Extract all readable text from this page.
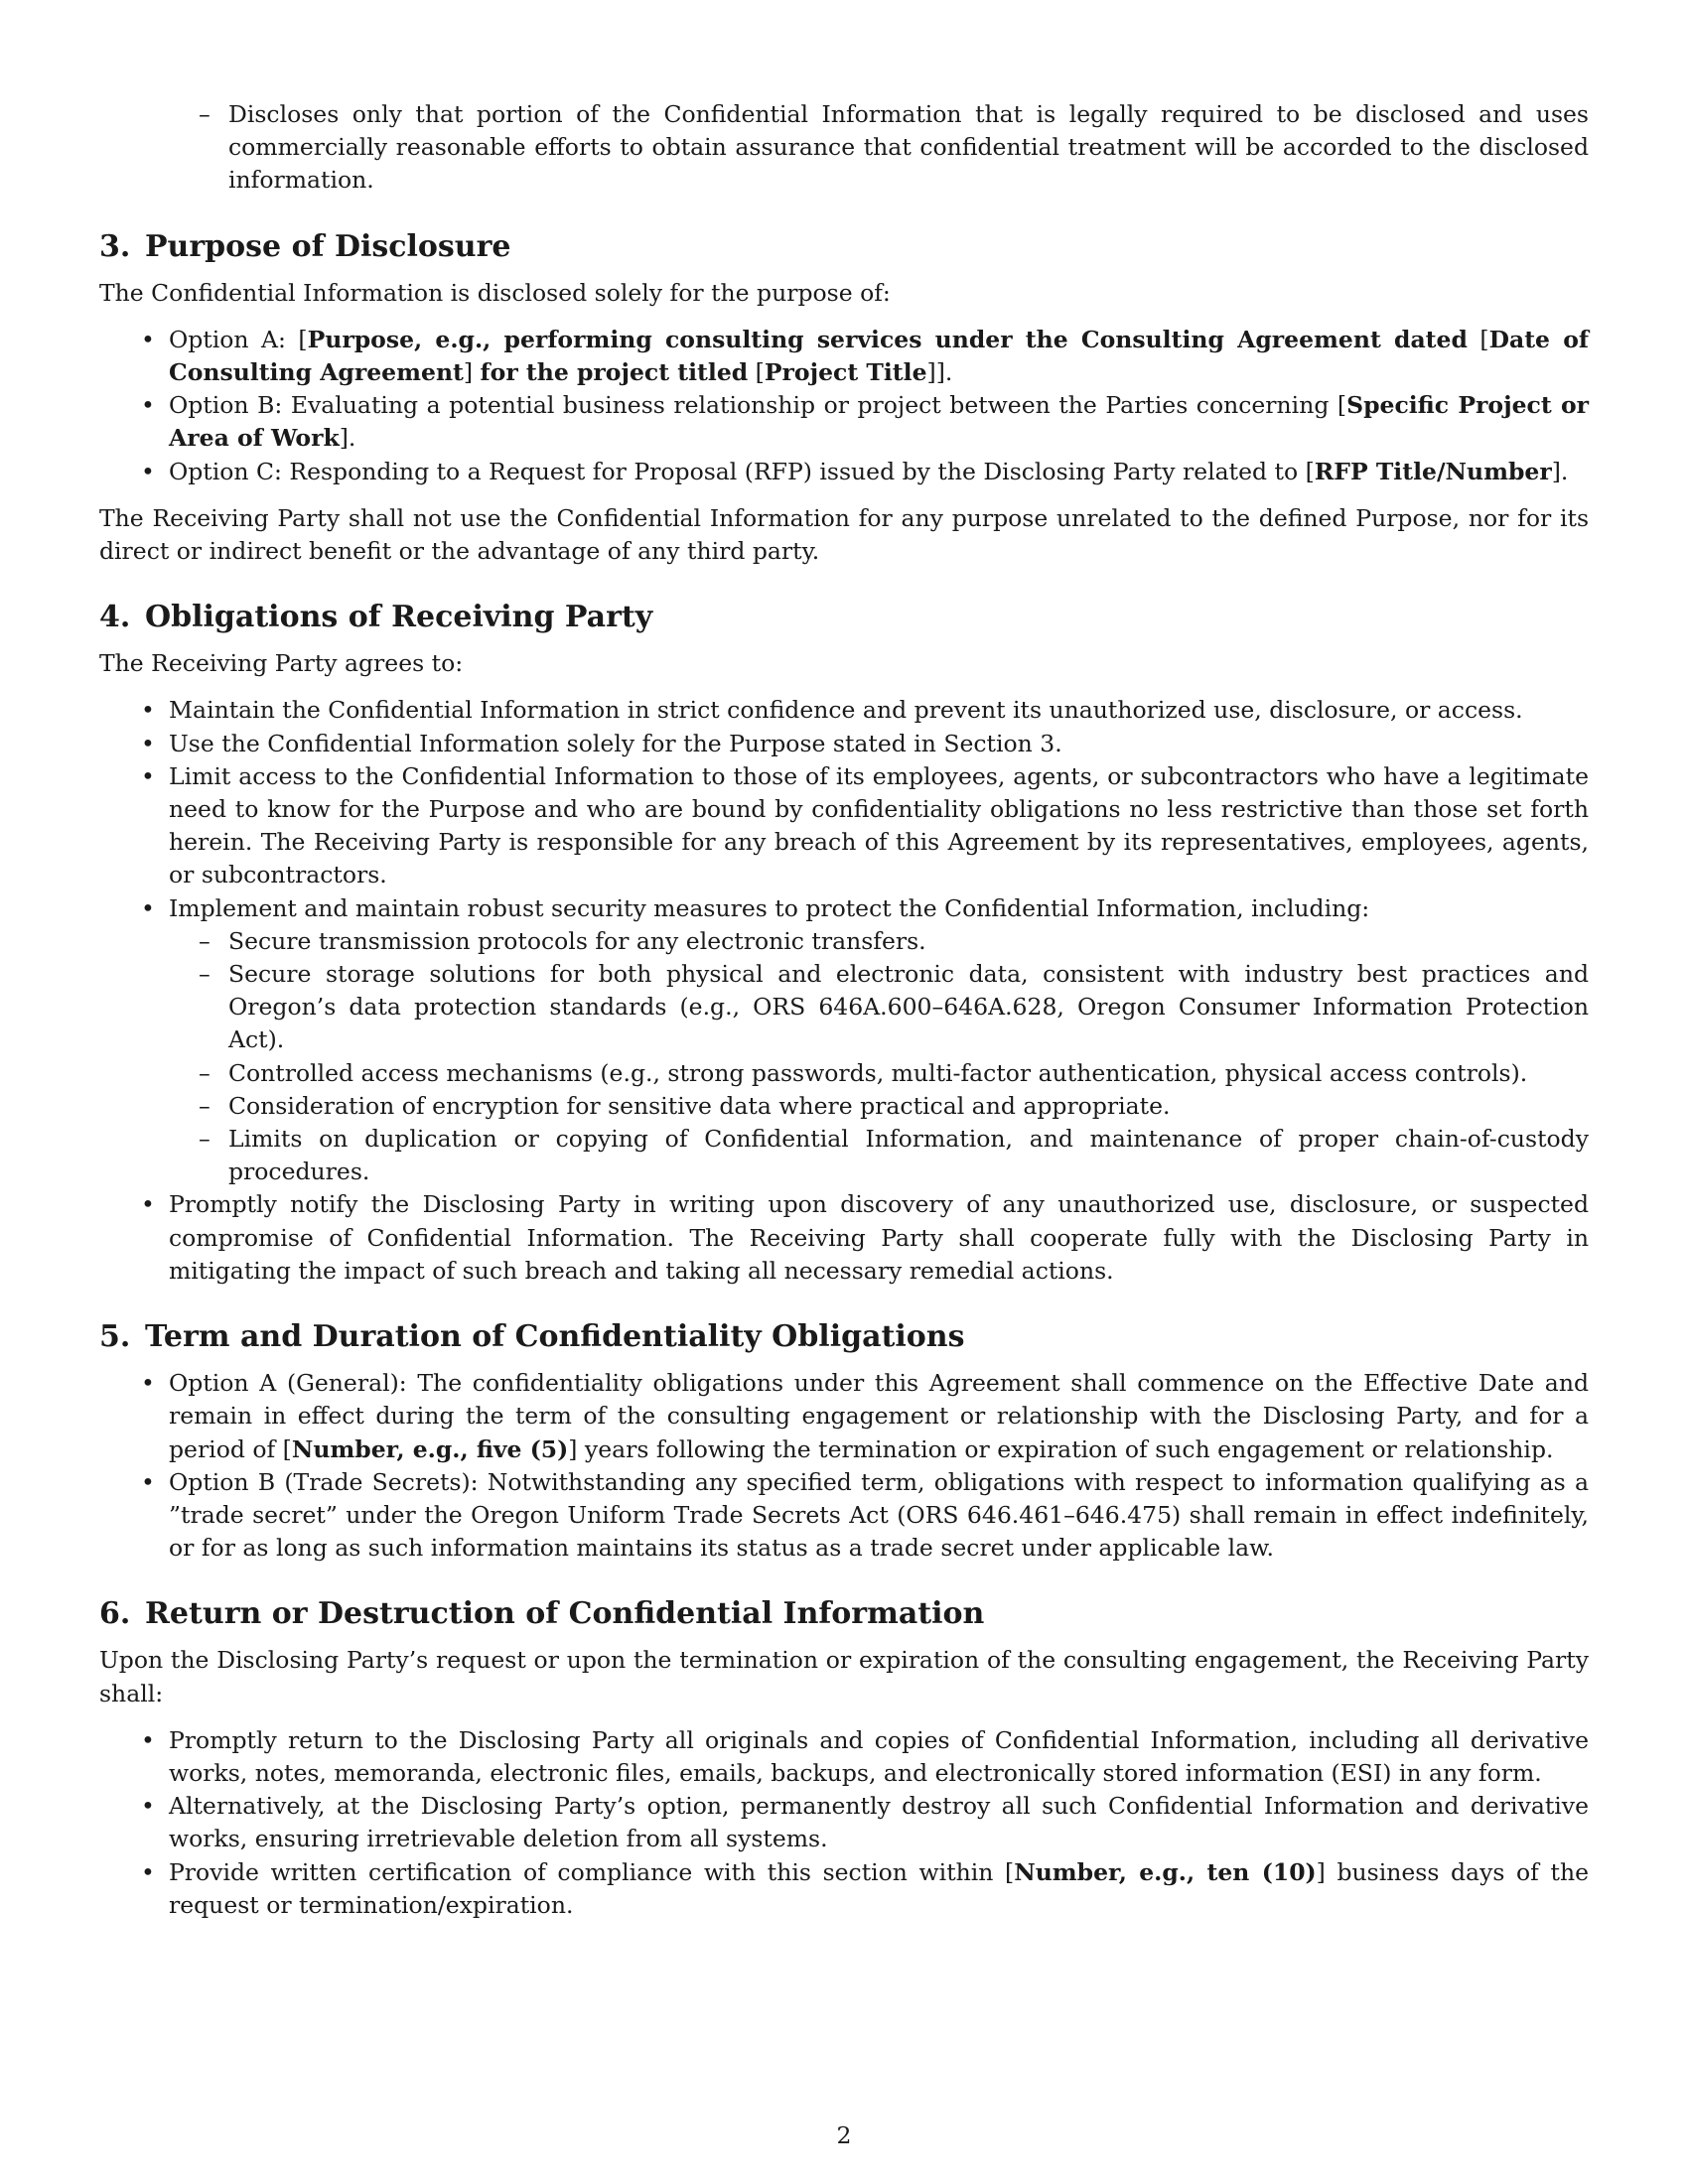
– Discloses only that portion of the Confidential Information that is legally required to be disclosed and uses commercially reasonable efforts to obtain assurance that confidential treatment will be accorded to the disclosed information.
3. Purpose of Disclosure

The Confidential Information is disclosed solely for the purpose of:

• Option A: [Purpose, e.g., performing consulting services under the Consulting Agreement dated [Date of Consulting Agreement] for the project titled [Project Title]].
• Option B: Evaluating a potential business relationship or project between the Parties concerning [Specific Project or Area of Work].
• Option C: Responding to a Request for Proposal (RFP) issued by the Disclosing Party related to [RFP Title/Number].

The Receiving Party shall not use the Confidential Information for any purpose unrelated to the defined Purpose, nor for its direct or indirect benefit or the advantage of any third party.

4. Obligations of Receiving Party

The Receiving Party agrees to:

• Maintain the Confidential Information in strict confidence and prevent its unauthorized use, disclosure, or access.
• Use the Confidential Information solely for the Purpose stated in Section 3.
• Limit access to the Confidential Information to those of its employees, agents, or subcontractors who have a legitimate need to know for the Purpose and who are bound by confidentiality obligations no less restrictive than those set forth herein. The Receiving Party is responsible for any breach of this Agreement by its representatives, employees, agents, or subcontractors.
• Implement and maintain robust security measures to protect the Confidential Information, including:
– Secure transmission protocols for any electronic transfers.
– Secure storage solutions for both physical and electronic data, consistent with industry best practices and Oregon’s data protection standards (e.g., ORS 646A.600–646A.628, Oregon Consumer Information Protection Act).
– Controlled access mechanisms (e.g., strong passwords, multi-factor authentication, physical access controls).
– Consideration of encryption for sensitive data where practical and appropriate.
– Limits on duplication or copying of Confidential Information, and maintenance of proper chain-of-custody procedures.
• Promptly notify the Disclosing Party in writing upon discovery of any unauthorized use, disclosure, or suspected compromise of Confidential Information. The Receiving Party shall cooperate fully with the Disclosing Party in mitigating the impact of such breach and taking all necessary remedial actions.
5. Term and Duration of Confidentiality Obligations
• Option A (General): The confidentiality obligations under this Agreement shall commence on the Effective Date and remain in effect during the term of the consulting engagement or relationship with the Disclosing Party, and for a period of [Number, e.g., five (5)] years following the termination or expiration of such engagement or relationship.
• Option B (Trade Secrets): Notwithstanding any specified term, obligations with respect to information qualifying as a ”trade secret” under the Oregon Uniform Trade Secrets Act (ORS 646.461–646.475) shall remain in effect indefinitely, or for as long as such information maintains its status as a trade secret under applicable law.
6. Return or Destruction of Confidential Information

Upon the Disclosing Party’s request or upon the termination or expiration of the consulting engagement, the Receiving Party shall:

• Promptly return to the Disclosing Party all originals and copies of Confidential Information, including all derivative works, notes, memoranda, electronic files, emails, backups, and electronically stored information (ESI) in any form.
• Alternatively, at the Disclosing Party’s option, permanently destroy all such Confidential Information and derivative works, ensuring irretrievable deletion from all systems.
• Provide written certification of compliance with this section within [Number, e.g., ten (10)] business days of the request or termination/expiration.
2
